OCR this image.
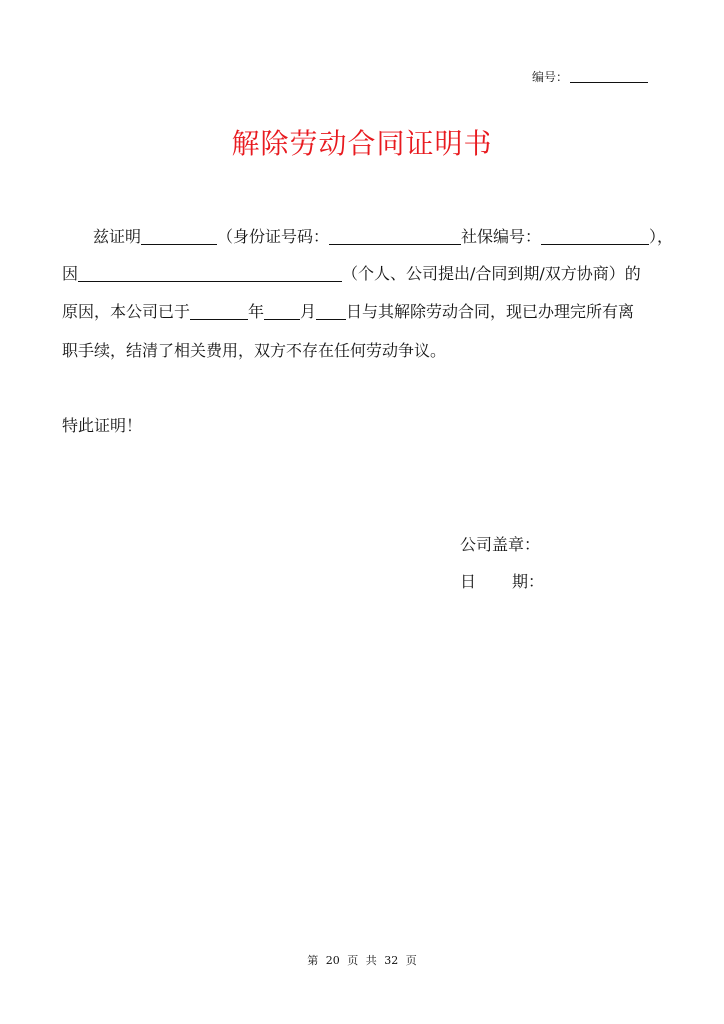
编号：
解除劳动合同证明书
兹证明	（身份证号码：	社保编号：	），
因	（个人、公司提出/合同到期/双方协商）的
原因，本公司已于	年 月 日与其解除劳动合同，现已办理完所有离
职手续，结清了相关费用，双方不存在任何劳动争议。
特此证明！
公司盖章：
日 期：
第 20 页 共 32 页
